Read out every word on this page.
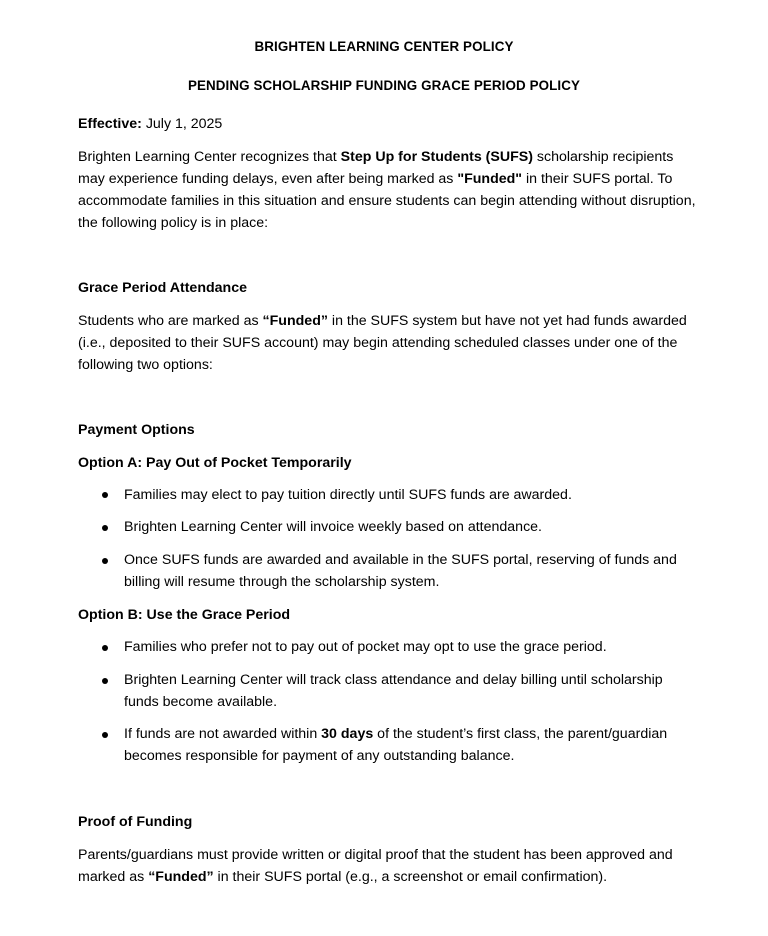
BRIGHTEN LEARNING CENTER POLICY
PENDING SCHOLARSHIP FUNDING GRACE PERIOD POLICY

Effective: July 1, 2025

Brighten Learning Center recognizes that Step Up for Students (SUFS) scholarship recipients may experience funding delays, even after being marked as "Funded" in their SUFS portal. To accommodate families in this situation and ensure students can begin attending without disruption, the following policy is in place:

Grace Period Attendance

Students who are marked as “Funded” in the SUFS system but have not yet had funds awarded (i.e., deposited to their SUFS account) may begin attending scheduled classes under one of the following two options:

Payment Options

Option A: Pay Out of Pocket Temporarily

Families may elect to pay tuition directly until SUFS funds are awarded.

Brighten Learning Center will invoice weekly based on attendance.

Once SUFS funds are awarded and available in the SUFS portal, reserving of funds and billing will resume through the scholarship system.

Option B: Use the Grace Period

Families who prefer not to pay out of pocket may opt to use the grace period.

Brighten Learning Center will track class attendance and delay billing until scholarship funds become available.

If funds are not awarded within 30 days of the student’s first class, the parent/guardian becomes responsible for payment of any outstanding balance.

Proof of Funding

Parents/guardians must provide written or digital proof that the student has been approved and marked as “Funded” in their SUFS portal (e.g., a screenshot or email confirmation).
